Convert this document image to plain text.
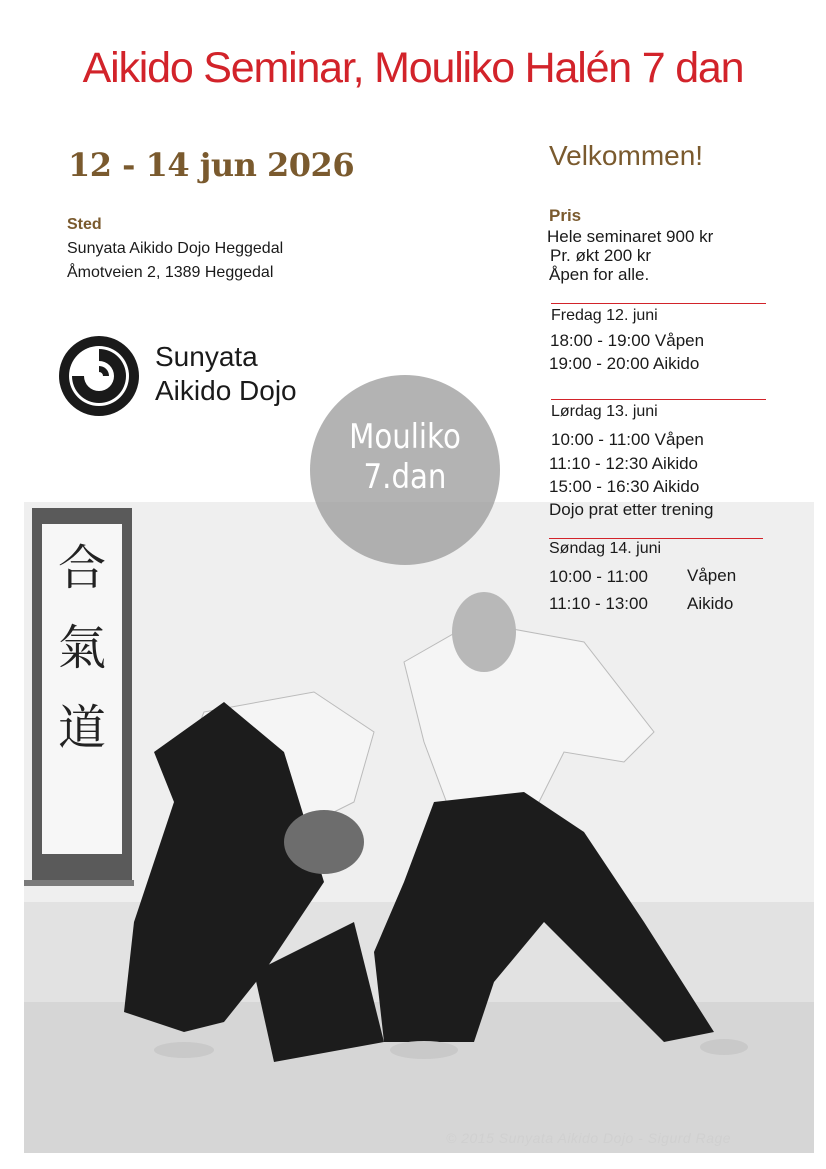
Aikido Seminar, Mouliko Halén 7 dan
12 - 14 jun 2026	Velkommen!
Sted
Sunyata Aikido Dojo Heggedal
Åmotveien 2, 1389 Heggedal
Sunyata
Aikido Dojo
合
氣
道
Mouliko
7.dan
Pris
Hele seminaret 900 kr
Pr. økt 200 kr
Åpen for alle.
Fredag 12. juni
18:00 - 19:00 Våpen
19:00 - 20:00 Aikido
Lørdag 13. juni
10:00 - 11:00 Våpen
11:10 - 12:30 Aikido
15:00 - 16:30 Aikido
Dojo prat etter trening
Søndag 14. juni
10:00 - 11:00 Våpen
11:10 - 13:00 Aikido
© 2015 Sunyata Aikido Dojo - Sigurd Rage
